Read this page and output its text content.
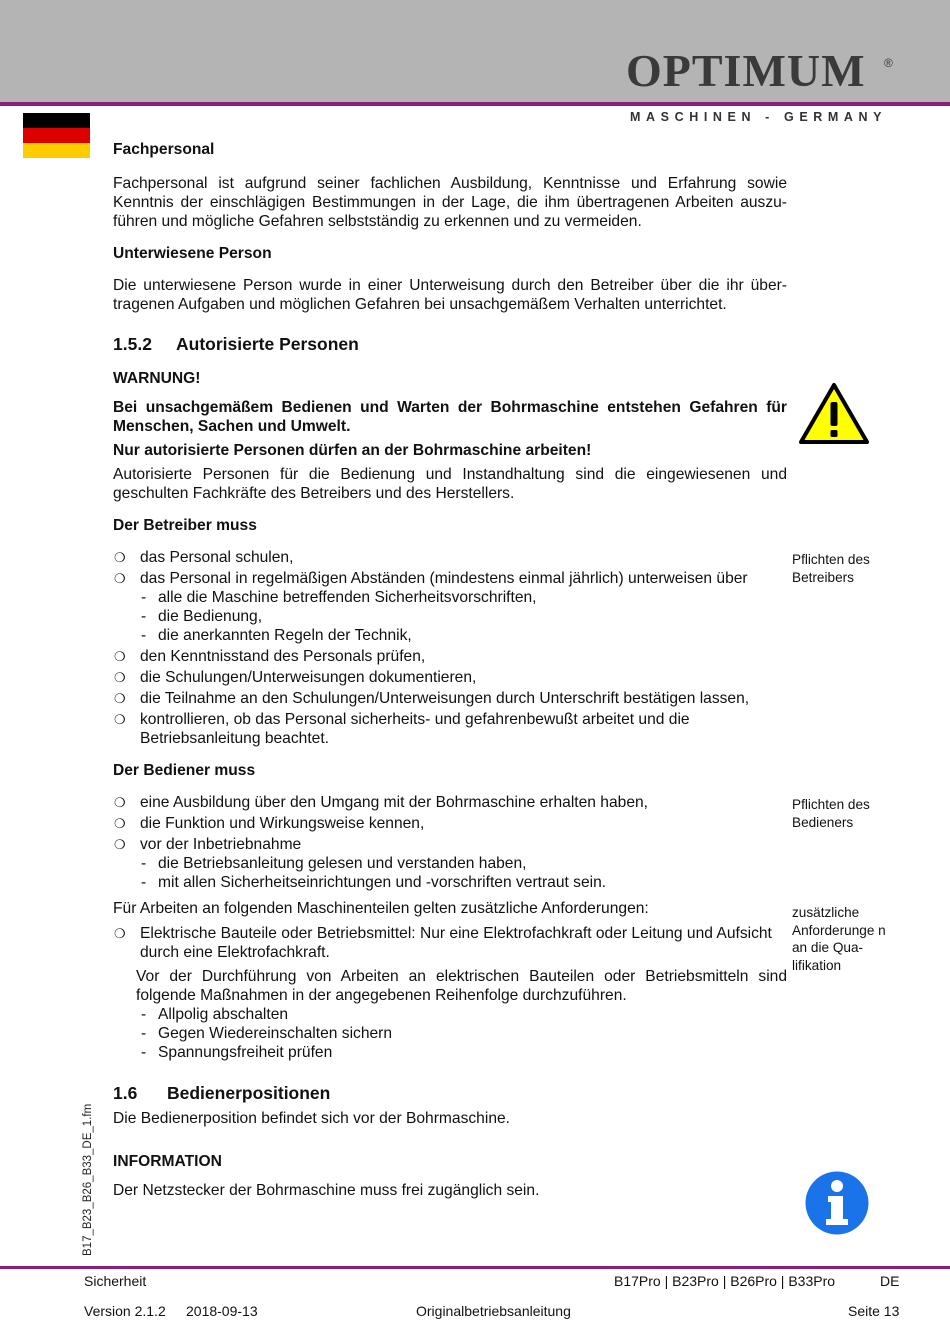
OPTIMUM ®
MASCHINEN - GERMANY

Fachpersonal

Fachpersonal ist aufgrund seiner fachlichen Ausbildung, Kenntnisse und Erfahrung sowie Kenntnis der einschlägigen Bestimmungen in der Lage, die ihm übertragenen Arbeiten auszu-führen und mögliche Gefahren selbstständig zu erkennen und zu vermeiden.

Unterwiesene Person

Die unterwiesene Person wurde in einer Unterweisung durch den Betreiber über die ihr über-tragenen Aufgaben und möglichen Gefahren bei unsachgemäßem Verhalten unterrichtet.

1.5.2 Autorisierte Personen

WARNUNG!

Bei unsachgemäßem Bedienen und Warten der Bohrmaschine entstehen Gefahren für Menschen, Sachen und Umwelt.

Nur autorisierte Personen dürfen an der Bohrmaschine arbeiten!

Autorisierte Personen für die Bedienung und Instandhaltung sind die eingewiesenen und geschulten Fachkräfte des Betreibers und des Herstellers.

Der Betreiber muss

❍ das Personal schulen,
❍ das Personal in regelmäßigen Abständen (mindestens einmal jährlich) unterweisen über
- alle die Maschine betreffenden Sicherheitsvorschriften,
- die Bedienung,
- die anerkannten Regeln der Technik,
❍ den Kenntnisstand des Personals prüfen,
❍ die Schulungen/Unterweisungen dokumentieren,
❍ die Teilnahme an den Schulungen/Unterweisungen durch Unterschrift bestätigen lassen,
❍ kontrollieren, ob das Personal sicherheits- und gefahrenbewußt arbeitet und die Betriebsanleitung beachtet.

Der Bediener muss

❍ eine Ausbildung über den Umgang mit der Bohrmaschine erhalten haben,
❍ die Funktion und Wirkungsweise kennen,
❍ vor der Inbetriebnahme
- die Betriebsanleitung gelesen und verstanden haben,
- mit allen Sicherheitseinrichtungen und -vorschriften vertraut sein.

Für Arbeiten an folgenden Maschinenteilen gelten zusätzliche Anforderungen:

❍ Elektrische Bauteile oder Betriebsmittel: Nur eine Elektrofachkraft oder Leitung und Aufsicht durch eine Elektrofachkraft.

Vor der Durchführung von Arbeiten an elektrischen Bauteilen oder Betriebsmitteln sind folgende Maßnahmen in der angegebenen Reihenfolge durchzuführen.

- Allpolig abschalten
- Gegen Wiedereinschalten sichern
- Spannungsfreiheit prüfen

1.6 Bedienerpositionen

Die Bedienerposition befindet sich vor der Bohrmaschine.

INFORMATION

Der Netzstecker der Bohrmaschine muss frei zugänglich sein.

Pflichten des Betreibers
Pflichten des Bedieners
zusätzliche Anforderunge n an die Qua-lifikation
B17_B23_B26_B33_DE_1.fm
Sicherheit	B17Pro | B23Pro | B26Pro | B33Pro	DE
Version 2.1.2 2018-09-13	Originalbetriebsanleitung	Seite 13
